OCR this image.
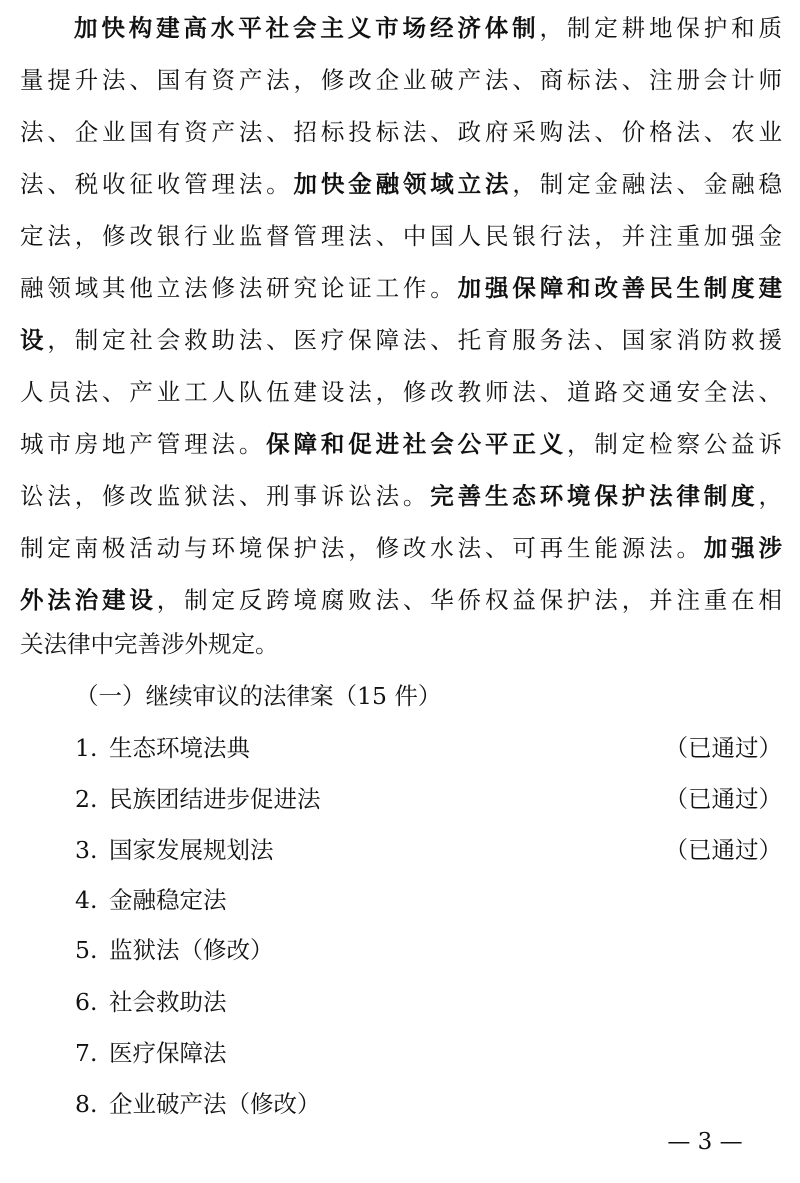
加快构建高水平社会主义市场经济体制，制定耕地保护和质
量提升法、国有资产法，修改企业破产法、商标法、注册会计师
法、企业国有资产法、招标投标法、政府采购法、价格法、农业
法、税收征收管理法。加快金融领域立法，制定金融法、金融稳
定法，修改银行业监督管理法、中国人民银行法，并注重加强金
融领域其他立法修法研究论证工作。加强保障和改善民生制度建
设，制定社会救助法、医疗保障法、托育服务法、国家消防救援
人员法、产业工人队伍建设法，修改教师法、道路交通安全法、
城市房地产管理法。保障和促进社会公平正义，制定检察公益诉
讼法，修改监狱法、刑事诉讼法。完善生态环境保护法律制度，
制定南极活动与环境保护法，修改水法、可再生能源法。加强涉
外法治建设，制定反跨境腐败法、华侨权益保护法，并注重在相
关法律中完善涉外规定。
（一）继续审议的法律案（15 件）
1. 生态环境法典	（已通过）
2. 民族团结进步促进法	（已通过）
3. 国家发展规划法	（已通过）
4. 金融稳定法
5. 监狱法（修改）
6. 社会救助法
7. 医疗保障法
8. 企业破产法（修改）
— 3 —
